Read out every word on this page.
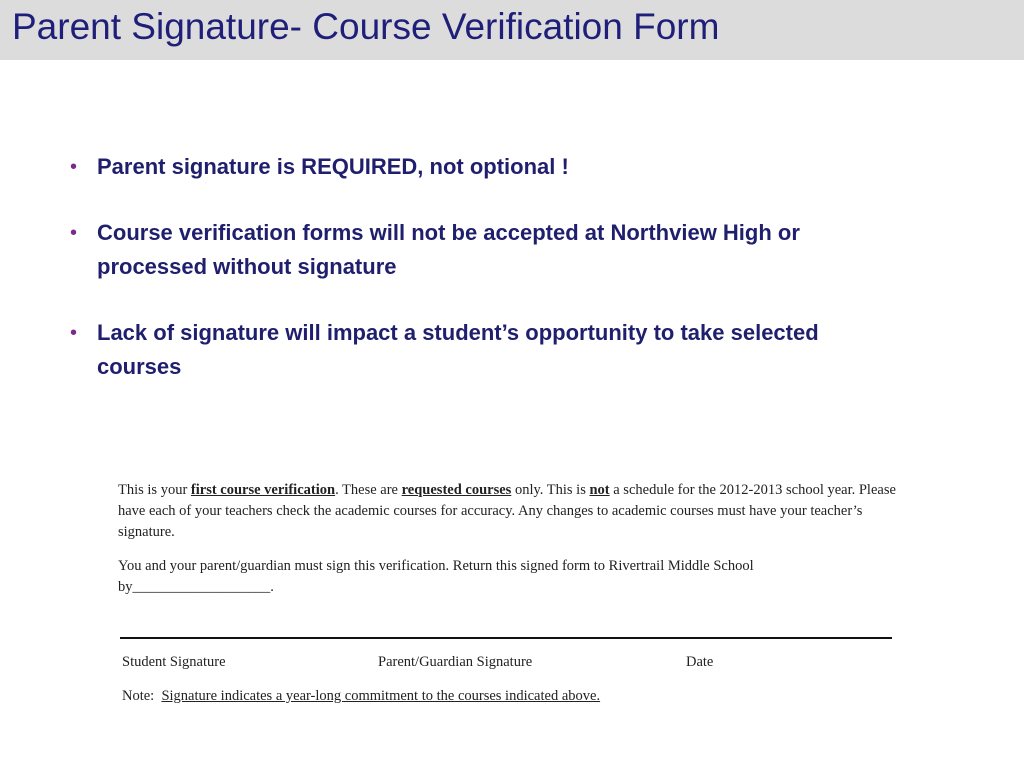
Parent Signature- Course Verification Form
• Parent signature is REQUIRED, not optional !
• Course verification forms will not be accepted at Northview High or processed without signature
• Lack of signature will impact a student’s opportunity to take selected courses

This is your first course verification. These are requested courses only. This is not a schedule for the 2012-2013 school year. Please have each of your teachers check the academic courses for accuracy. Any changes to academic courses must have your teacher’s signature.

You and your parent/guardian must sign this verification. Return this signed form to Rivertrail Middle School by___________________.

Student Signature	Parent/Guardian Signature	Date
Note: Signature indicates a year-long commitment to the courses indicated above.
